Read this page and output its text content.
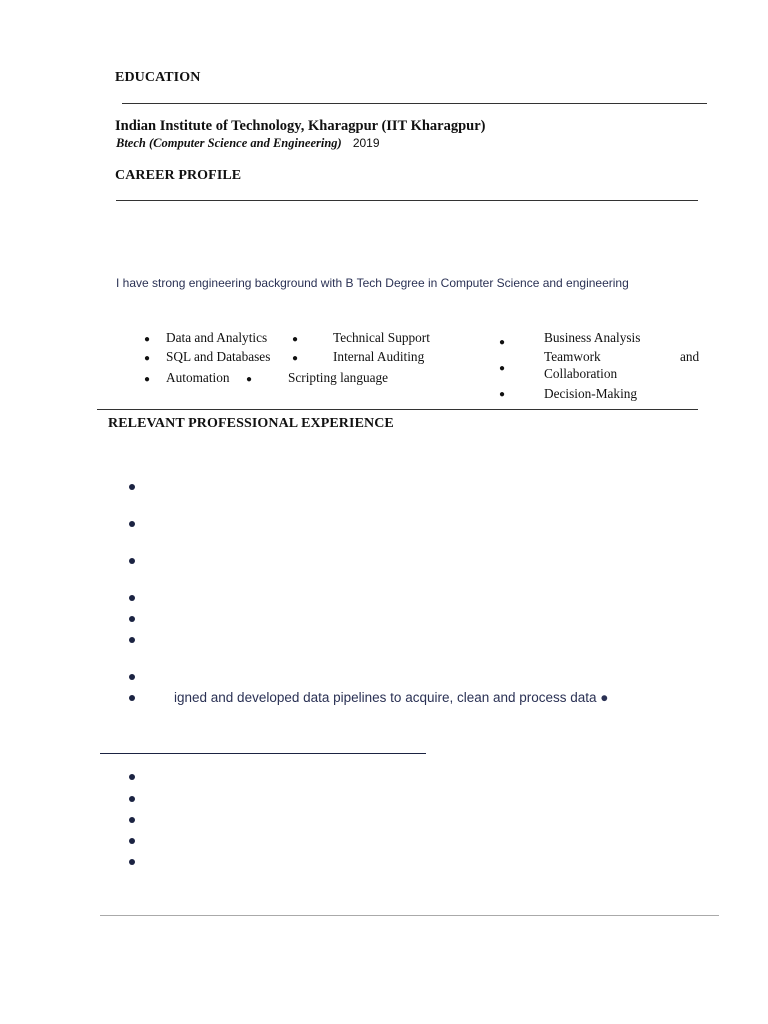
EDUCATION
Indian Institute of Technology, Kharagpur (IIT Kharagpur)
Btech (Computer Science and Engineering) 2019
CAREER PROFILE
I have strong engineering background with B Tech Degree in Computer Science and engineering
● Data and Analytics
● SQL and Databases
● Automation
●	Technical Support
●	Internal Auditing
●	Scripting language
●	Business Analysis
●
Teamwork	and
Collaboration
●	Decision-Making
RELEVANT PROFESSIONAL EXPERIENCE
igned and developed data pipelines to acquire, clean and process data ●
